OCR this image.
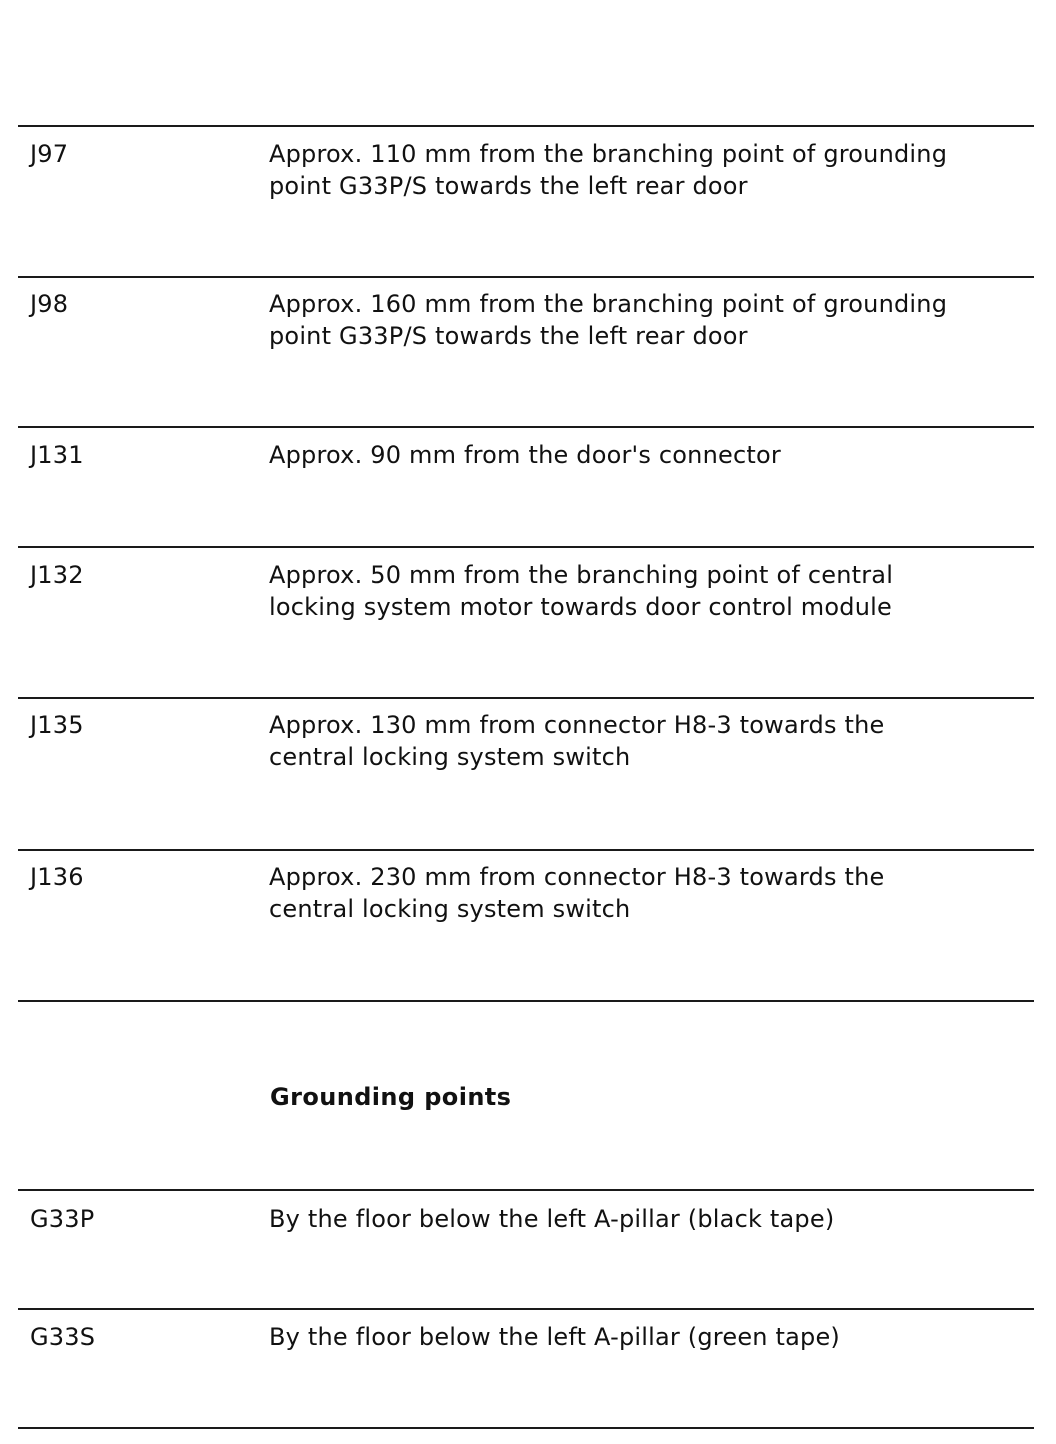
J97	Approx. 110 mm from the branching point of grounding
point G33P/S towards the left rear door
J98	Approx. 160 mm from the branching point of grounding
point G33P/S towards the left rear door
J131	Approx. 90 mm from the door's connector
J132	Approx. 50 mm from the branching point of central
locking system motor towards door control module
J135	Approx. 130 mm from connector H8-3 towards the
central locking system switch
J136	Approx. 230 mm from connector H8-3 towards the
central locking system switch
Grounding points
G33P	By the floor below the left A-pillar (black tape)
G33S	By the floor below the left A-pillar (green tape)
